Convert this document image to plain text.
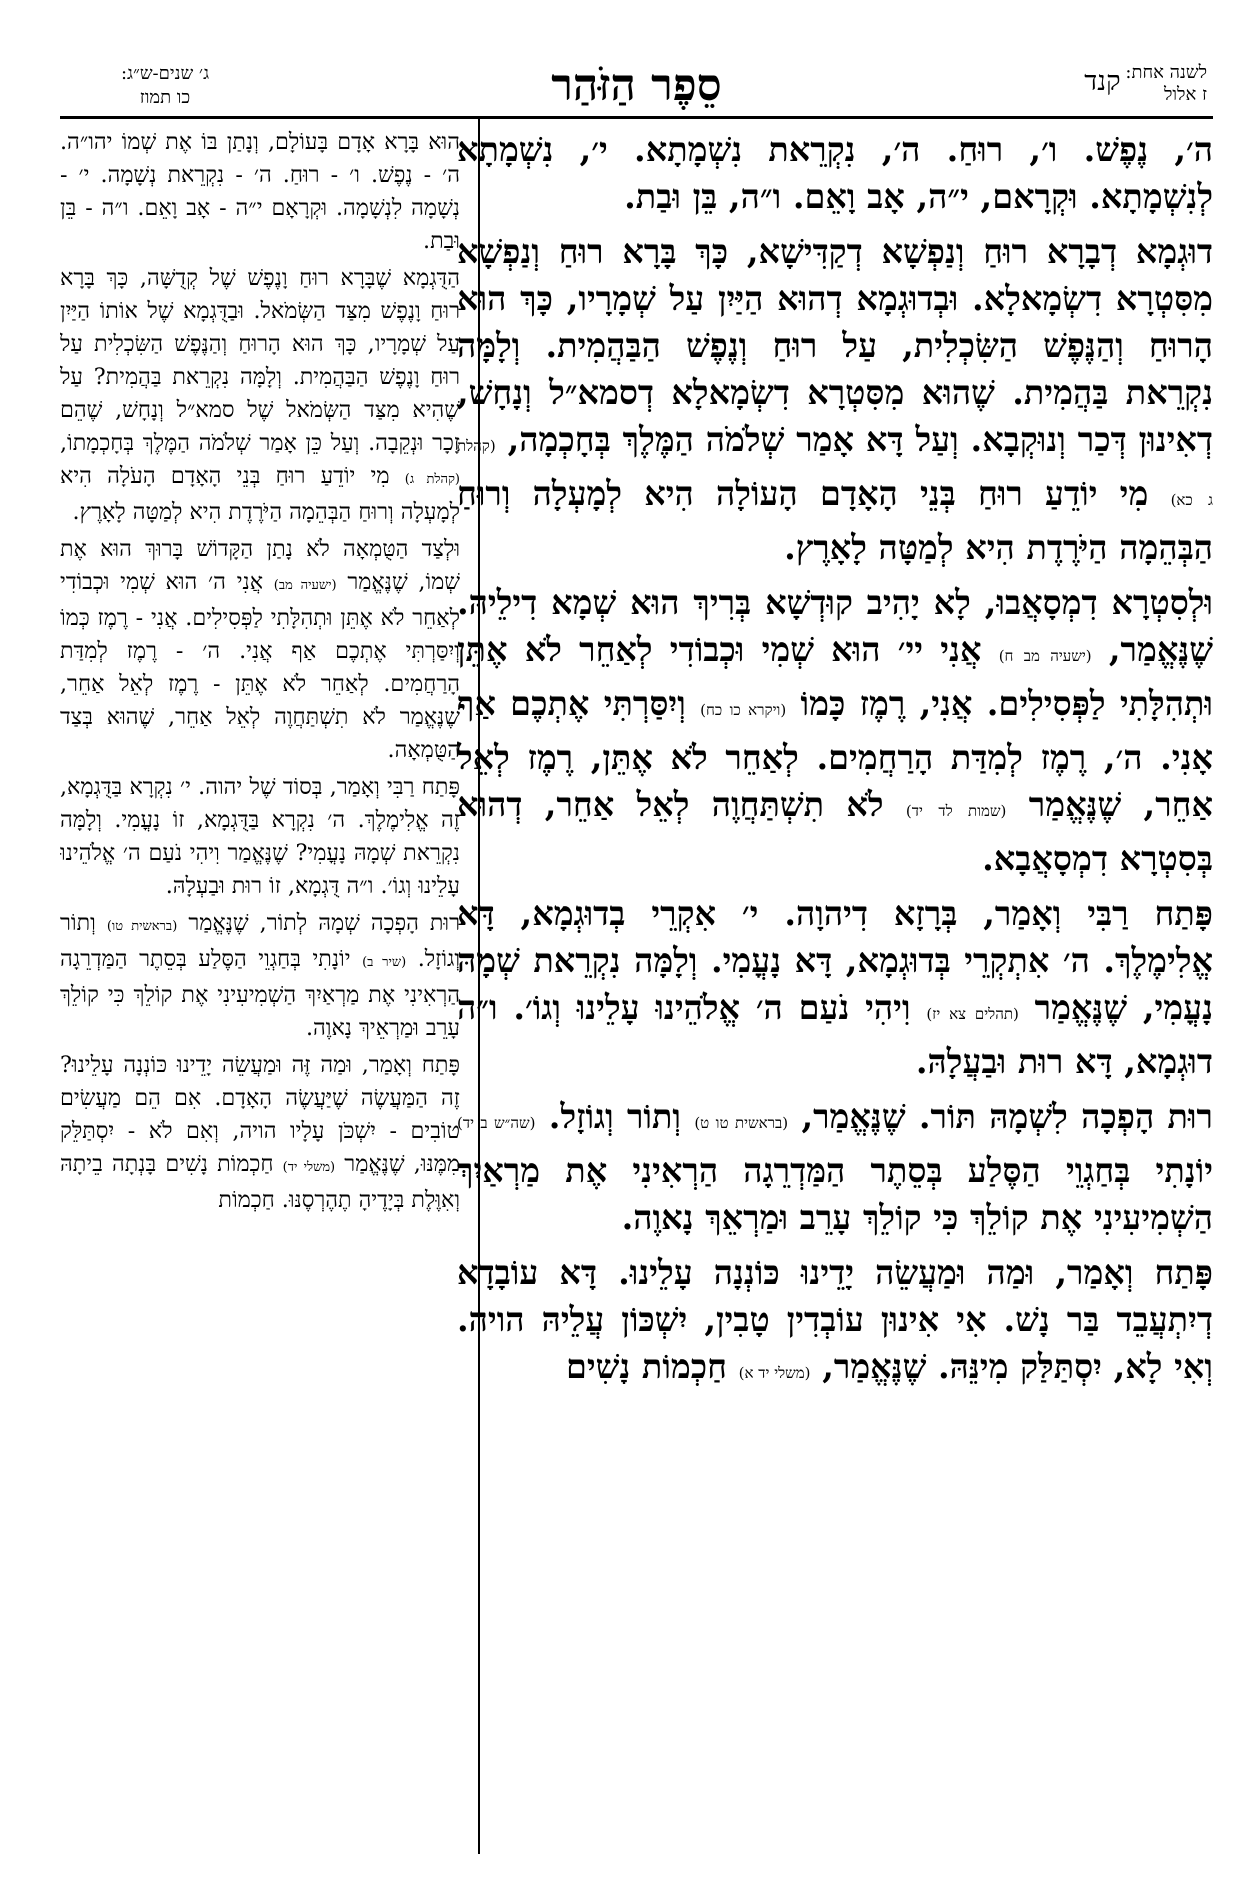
לשנה אחת:
ז אלול
קנד
סֵפֶר הַזֹּהַר
ג׳ שנים-ש״ג:
כו תמוז

ה׳, נֶפֶשׁ. ו׳, רוּחַ. ה׳, נִקְרֵאת נִשְׁמָתָא. י׳, נִשְׁמָתָא לְנִשְׁמָתָא. וּקְרָאם, י״ה, אָב וָאֵם. ו״ה, בֵּן וּבַת.

דוּגְמָא דְבָרָא רוּחַ וְנַפְשָׁא דְקַדִּישָׁא, כָּךְ בָּרָא רוּחַ וְנַפְשָׁא מִסִּטְרָא דִשְׂמָאלָא. וּבְדוּגְמָא דְהוּא הַיַּיִן עַל שְׁמָרָיו, כָּךְ הוּא הָרוּחַ וְהַנֶּפֶשׁ הַשִּׂכְלִית, עַל רוּחַ וְנֶפֶשׁ הַבַּהֲמִית. וְלָמָּה נִקְרֵאת בַּהֲמִית. שֶׁהוּא מִסִּטְרָא דִשְׂמָאלָא דְסמא״ל וְנָחָשׁ, דְאִינוּן דְּכַר וְנוּקְבָא. וְעַל דָּא אָמַר שְׁלֹמֹה הַמֶּלֶךְ בְּחָכְמָה, (קהלת ג כא) מִי יוֹדֵעַ רוּחַ בְּנֵי הָאָדָם הָעוֹלָה הִיא לְמָעְלָה וְרוּחַ הַבְּהֵמָה הַיֹּרֶדֶת הִיא לְמַטָּה לָאָרֶץ.

וּלְסִטְרָא דִמְסָאֲבוּ, לָא יָהִיב קוּדְשָׁא בְּרִיךְ הוּא שְׁמָא דִילֵיהּ. שֶׁנֶּאֱמַר, (ישעיה מב ח) אֲנִי יי׳ הוּא שְׁמִי וּכְבוֹדִי לְאַחֵר לֹא אֶתֵּן וּתְהִלָּתִי לַפְּסִילִים. אֲנִי, רֶמֶז כָּמוֹ (ויקרא כו כח) וְיִסַּרְתִּי אֶתְכֶם אַף אָנִי. ה׳, רֶמֶז לְמִדַּת הָרַחֲמִים. לְאַחֵר לֹא אֶתֵּן, רֶמֶז לְאֵל אַחֵר, שֶׁנֶּאֱמַר (שמות לד יד) לֹא תִשְׁתַּחֲוֶה לְאֵל אַחֵר, דְהוּא בְּסִטְרָא דִמְסָאֲבָא.

פָּתַח רַבִּי וְאָמַר, בְּרָזָא דִיהוָה. י׳ אִקְרֵי בְדוּגְמָא, דָּא אֱלִימֶלֶךְ. ה׳ אִתְקְרֵי בְּדוּגְמָא, דָּא נָעֳמִי. וְלָמָּה נִקְרֵאת שְׁמָהּ נָעֳמִי, שֶׁנֶּאֱמַר (תהלים צא יז) וִיהִי נֹעַם ה׳ אֱלֹהֵינוּ עָלֵינוּ וְגוֹ׳. ו״ה דוּגְמָא, דָּא רוּת וּבַעֲלָהּ.

רוּת הָפְכָה לִשְׁמָהּ תּוֹר. שֶׁנֶּאֱמַר, (בראשית טו ט) וְתוֹר וְגוֹזָל. (שה״ש ב יד) יוֹנָתִי בְּחַגְוֵי הַסֶּלַע בְּסֵתֶר הַמַּדְרֵגָה הַרְאִינִי אֶת מַרְאַיִךְ הַשְׁמִיעִינִי אֶת קוֹלֵךְ כִּי קוֹלֵךְ עָרֵב וּמַרְאֵךְ נָאוֶה.

פָּתַח וְאָמַר, וּמַה וּמַעֲשֵׂה יָדֵינוּ כּוֹנְנָה עָלֵינוּ. דָּא עוֹבָדָא דְיִתְעֲבֵד בַּר נָשׁ. אִי אִינוּן עוֹבְדִין טָבִין, יִשְׁכּוֹן עֲלֵיהּ הויה. וְאִי לָא, יִסְתַּלַּק מִינֵּהּ. שֶׁנֶּאֱמַר, (משלי יד א) חַכְמוֹת נָשִׁים

הוּא בָּרָא אָדָם בָּעוֹלָם, וְנָתַן בּוֹ אֶת שְׁמוֹ יהו״ה. ה׳ - נֶפֶשׁ. ו׳ - רוּחַ. ה׳ - נִקְרֵאת נְשָׁמָה. י׳ - נְשָׁמָה לִנְשָׁמָה. וּקְרָאָם י״ה - אָב וָאֵם. ו״ה - בֵּן וּבַת.

הַדֻּגְמָא שֶׁבָּרָא רוּחַ וָנֶפֶשׁ שֶׁל קְדֻשָּׁה, כָּךְ בָּרָא רוּחַ וָנֶפֶשׁ מִצַּד הַשְּׂמֹאל. וּבַדֻּגְמָא שֶׁל אוֹתוֹ הַיַּיִן עַל שְׁמָרָיו, כָּךְ הוּא הָרוּחַ וְהַנֶּפֶשׁ הַשִּׂכְלִית עַל רוּחַ וָנֶפֶשׁ הַבַּהֲמִית. וְלָמָּה נִקְרֵאת בַּהֲמִית? עַל שֶׁהִיא מִצַּד הַשְּׂמֹאל שֶׁל סמא״ל וְנָחָשׁ, שֶׁהֵם זָכָר וּנְקֵבָה. וְעַל כֵּן אָמַר שְׁלֹמֹה הַמֶּלֶךְ בְּחָכְמָתוֹ, (קהלת ג) מִי יוֹדֵעַ רוּחַ בְּנֵי הָאָדָם הָעֹלָה הִיא לְמָעְלָה וְרוּחַ הַבְּהֵמָה הַיֹּרֶדֶת הִיא לְמַטָּה לָאָרֶץ.

וּלְצַד הַטֻּמְאָה לֹא נָתַן הַקָּדוֹשׁ בָּרוּךְ הוּא אֶת שְׁמוֹ, שֶׁנֶּאֱמַר (ישעיה מב) אֲנִי ה׳ הוּא שְׁמִי וּכְבוֹדִי לְאַחֵר לֹא אֶתֵּן וּתְהִלָּתִי לַפְּסִילִים. אֲנִי - רֶמֶז כְּמוֹ וְיִסַּרְתִּי אֶתְכֶם אַף אֲנִי. ה׳ - רֶמֶז לְמִדַּת הָרַחֲמִים. לְאַחֵר לֹא אֶתֵּן - רֶמֶז לְאֵל אַחֵר, שֶׁנֶּאֱמַר לֹא תִשְׁתַּחֲוֶה לְאֵל אַחֵר, שֶׁהוּא בְּצַד הַטֻּמְאָה.

פָּתַח רַבִּי וְאָמַר, בְּסוֹד שֶׁל יהוה. י׳ נִקְרָא בַּדֻּגְמָא, זֶה אֱלִימֶלֶךְ. ה׳ נִקְרָא בַּדֻּגְמָא, זוֹ נָעֳמִי. וְלָמָּה נִקְרֵאת שְׁמָהּ נָעֳמִי? שֶׁנֶּאֱמַר וִיהִי נֹעַם ה׳ אֱלֹהֵינוּ עָלֵינוּ וְגוֹ׳. ו״ה דֻּגְמָא, זוֹ רוּת וּבַעְלָהּ.

רוּת הָפְכָה שְׁמָהּ לְתוֹר, שֶׁנֶּאֱמַר (בראשית טו) וְתוֹר וְגוֹזָל. (שיר ב) יוֹנָתִי בְּחַגְוֵי הַסֶּלַע בְּסֵתֶר הַמַּדְרֵגָה הַרְאִינִי אֶת מַרְאַיִךְ הַשְׁמִיעִינִי אֶת קוֹלֵךְ כִּי קוֹלֵךְ עָרֵב וּמַרְאֵיךְ נָאוֶה.

פָּתַח וְאָמַר, וּמַה זֶּה וּמַעֲשֵׂה יָדֵינוּ כּוֹנְנָה עָלֵינוּ? זֶה הַמַּעֲשֶׂה שֶׁיַּעֲשֶׂה הָאָדָם. אִם הֵם מַעֲשִׂים טוֹבִים - יִשְׁכֹּן עָלָיו הויה, וְאִם לֹא - יִסְתַּלֵּק מִמֶּנּוּ, שֶׁנֶּאֱמַר (משלי יד) חַכְמוֹת נָשִׁים בָּנְתָה בֵיתָהּ וְאִוֶּלֶת בְּיָדֶיהָ תֶהֶרְסֶנּוּ. חַכְמוֹת
